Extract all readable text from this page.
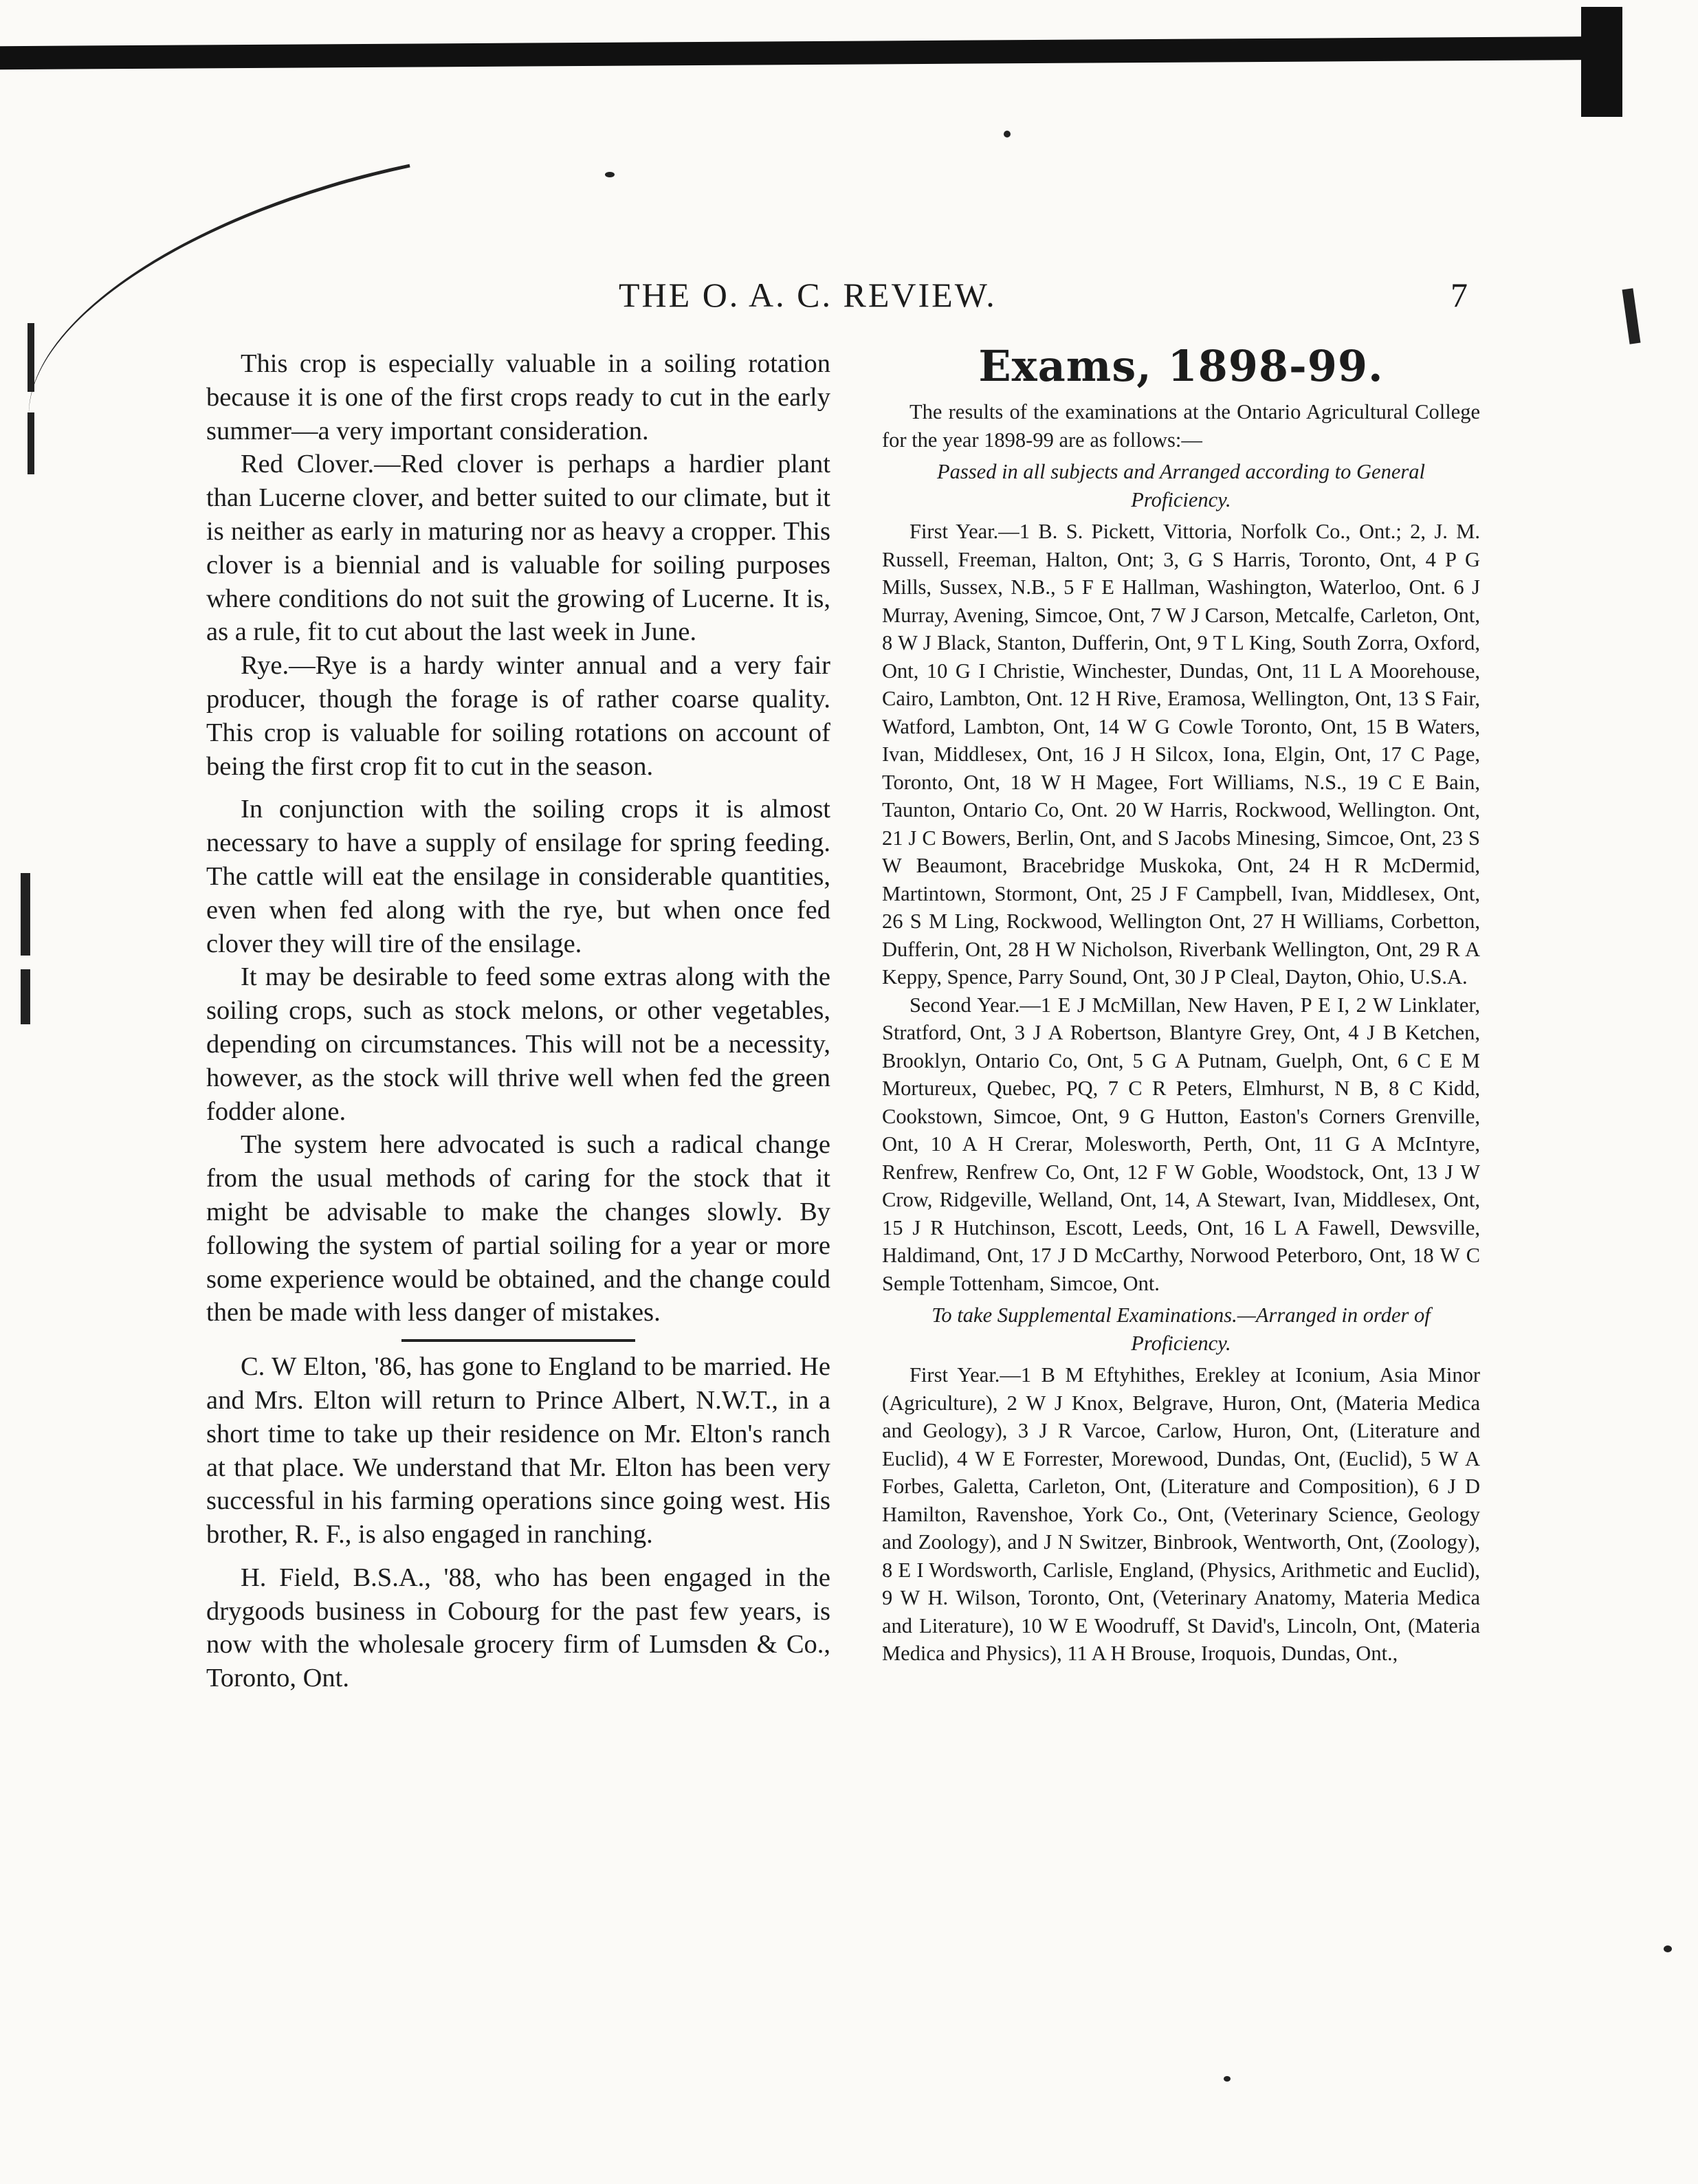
THE O. A. C. REVIEW.	7

This crop is especially valuable in a soiling rotation because it is one of the first crops ready to cut in the early summer—a very important consideration.

Red Clover.—Red clover is perhaps a hardier plant than Lucerne clover, and better suited to our climate, but it is neither as early in maturing nor as heavy a cropper. This clover is a biennial and is valuable for soiling purposes where conditions do not suit the growing of Lucerne. It is, as a rule, fit to cut about the last week in June.

Rye.—Rye is a hardy winter annual and a very fair producer, though the forage is of rather coarse quality. This crop is valuable for soiling rotations on account of being the first crop fit to cut in the season.

In conjunction with the soiling crops it is almost necessary to have a supply of ensilage for spring feeding. The cattle will eat the ensilage in considerable quantities, even when fed along with the rye, but when once fed clover they will tire of the ensilage.

It may be desirable to feed some extras along with the soiling crops, such as stock melons, or other vegetables, depending on circumstances. This will not be a necessity, however, as the stock will thrive well when fed the green fodder alone.

The system here advocated is such a radical change from the usual methods of caring for the stock that it might be advisable to make the changes slowly. By following the system of partial soiling for a year or more some experience would be obtained, and the change could then be made with less danger of mistakes.

C. W Elton, '86, has gone to England to be married. He and Mrs. Elton will return to Prince Albert, N.W.T., in a short time to take up their residence on Mr. Elton's ranch at that place. We understand that Mr. Elton has been very successful in his farming operations since going west. His brother, R. F., is also engaged in ranching.

H. Field, B.S.A., '88, who has been engaged in the drygoods business in Cobourg for the past few years, is now with the wholesale grocery firm of Lumsden & Co., Toronto, Ont.

Exams, 1898-99.

The results of the examinations at the Ontario Agricultural College for the year 1898-99 are as follows:—

Passed in all subjects and Arranged according to General Proficiency.

First Year.—1 B. S. Pickett, Vittoria, Norfolk Co., Ont.; 2, J. M. Russell, Freeman, Halton, Ont; 3, G S Harris, Toronto, Ont, 4 P G Mills, Sussex, N.B., 5 F E Hallman, Washington, Waterloo, Ont. 6 J Murray, Avening, Simcoe, Ont, 7 W J Carson, Metcalfe, Carleton, Ont, 8 W J Black, Stanton, Dufferin, Ont, 9 T L King, South Zorra, Oxford, Ont, 10 G I Christie, Winchester, Dundas, Ont, 11 L A Moorehouse, Cairo, Lambton, Ont. 12 H Rive, Eramosa, Wellington, Ont, 13 S Fair, Watford, Lambton, Ont, 14 W G Cowle Toronto, Ont, 15 B Waters, Ivan, Middlesex, Ont, 16 J H Silcox, Iona, Elgin, Ont, 17 C Page, Toronto, Ont, 18 W H Magee, Fort Williams, N.S., 19 C E Bain, Taunton, Ontario Co, Ont. 20 W Harris, Rockwood, Wellington. Ont, 21 J C Bowers, Berlin, Ont, and S Jacobs Minesing, Simcoe, Ont, 23 S W Beaumont, Bracebridge Muskoka, Ont, 24 H R McDermid, Martintown, Stormont, Ont, 25 J F Campbell, Ivan, Middlesex, Ont, 26 S M Ling, Rockwood, Wellington Ont, 27 H Williams, Corbetton, Dufferin, Ont, 28 H W Nicholson, Riverbank Wellington, Ont, 29 R A Keppy, Spence, Parry Sound, Ont, 30 J P Cleal, Dayton, Ohio, U.S.A.

Second Year.—1 E J McMillan, New Haven, P E I, 2 W Linklater, Stratford, Ont, 3 J A Robertson, Blantyre Grey, Ont, 4 J B Ketchen, Brooklyn, Ontario Co, Ont, 5 G A Putnam, Guelph, Ont, 6 C E M Mortureux, Quebec, PQ, 7 C R Peters, Elmhurst, N B, 8 C Kidd, Cookstown, Simcoe, Ont, 9 G Hutton, Easton's Corners Grenville, Ont, 10 A H Crerar, Molesworth, Perth, Ont, 11 G A McIntyre, Renfrew, Renfrew Co, Ont, 12 F W Goble, Woodstock, Ont, 13 J W Crow, Ridgeville, Welland, Ont, 14, A Stewart, Ivan, Middlesex, Ont, 15 J R Hutchinson, Escott, Leeds, Ont, 16 L A Fawell, Dewsville, Haldimand, Ont, 17 J D McCarthy, Norwood Peterboro, Ont, 18 W C Semple Tottenham, Simcoe, Ont.

To take Supplemental Examinations.—Arranged in order of Proficiency.

First Year.—1 B M Eftyhithes, Erekley at Iconium, Asia Minor (Agriculture), 2 W J Knox, Belgrave, Huron, Ont, (Materia Medica and Geology), 3 J R Varcoe, Carlow, Huron, Ont, (Literature and Euclid), 4 W E Forrester, Morewood, Dundas, Ont, (Euclid), 5 W A Forbes, Galetta, Carleton, Ont, (Literature and Composition), 6 J D Hamilton, Ravenshoe, York Co., Ont, (Veterinary Science, Geology and Zoology), and J N Switzer, Binbrook, Wentworth, Ont, (Zoology), 8 E I Wordsworth, Carlisle, England, (Physics, Arithmetic and Euclid), 9 W H. Wilson, Toronto, Ont, (Veterinary Anatomy, Materia Medica and Literature), 10 W E Woodruff, St David's, Lincoln, Ont, (Materia Medica and Physics), 11 A H Brouse, Iroquois, Dundas, Ont.,
